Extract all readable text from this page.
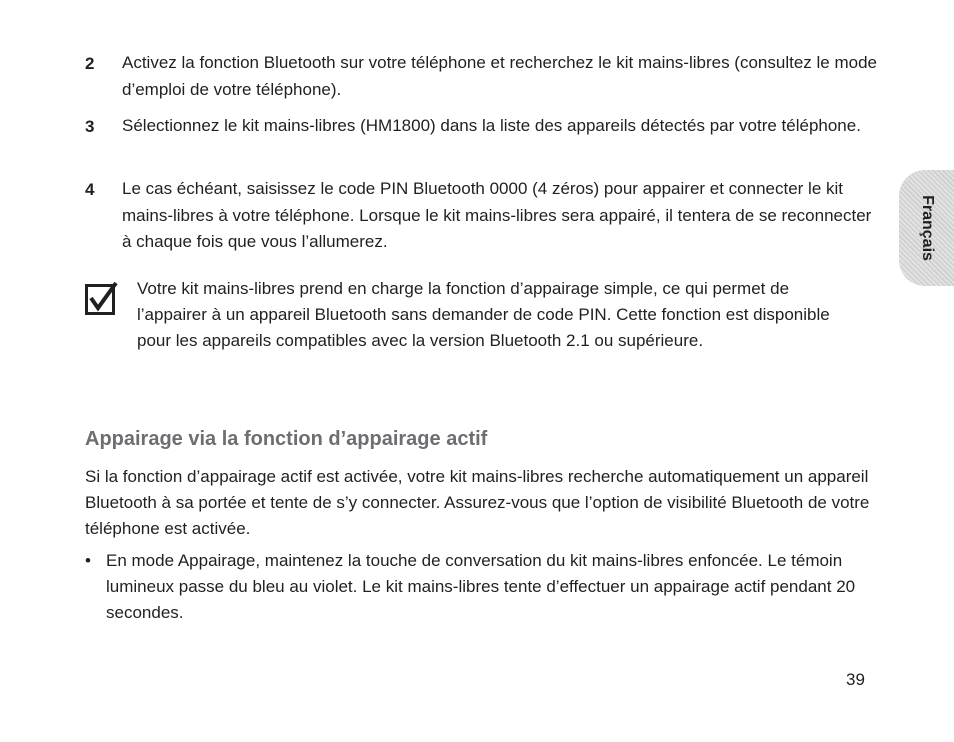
2 Activez la fonction Bluetooth sur votre téléphone et recherchez le kit mains-libres (consultez le mode d’emploi de votre téléphone).

3 Sélectionnez le kit mains-libres (HM1800) dans la liste des appareils détectés par votre téléphone.

4 Le cas échéant, saisissez le code PIN Bluetooth 0000 (4 zéros) pour appairer et connecter le kit mains-libres à votre téléphone. Lorsque le kit mains-libres sera appairé, il tentera de se reconnecter à chaque fois que vous l’allumerez.

Votre kit mains-libres prend en charge la fonction d’appairage simple, ce qui permet de l’appairer à un appareil Bluetooth sans demander de code PIN. Cette fonction est disponible pour les appareils compatibles avec la version Bluetooth 2.1 ou supérieure.

Appairage via la fonction d’appairage actif

Si la fonction d’appairage actif est activée, votre kit mains-libres recherche automatiquement un appareil Bluetooth à sa portée et tente de s’y connecter. Assurez-vous que l’option de visibilité Bluetooth de votre téléphone est activée.

• En mode Appairage, maintenez la touche de conversation du kit mains-libres enfoncée. Le témoin lumineux passe du bleu au violet. Le kit mains-libres tente d’effectuer un appairage actif pendant 20 secondes.

Français
39
